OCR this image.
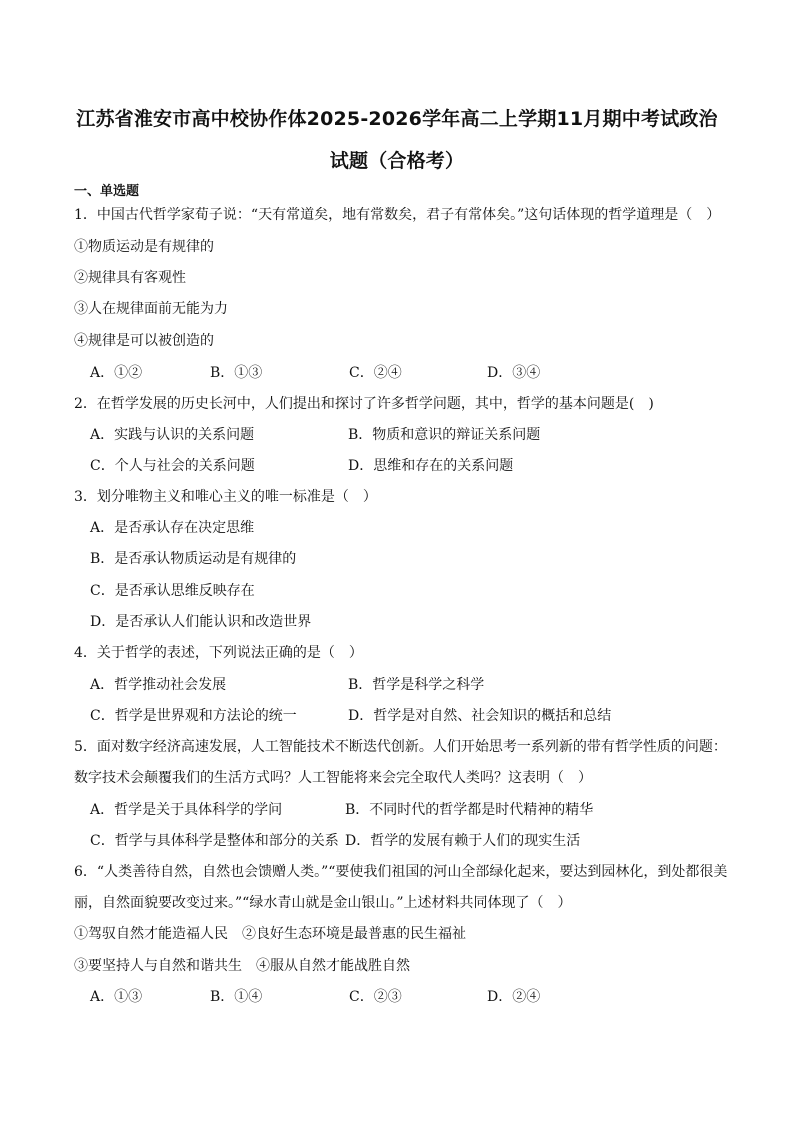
江苏省淮安市高中校协作体2025-2026学年高二上学期11月期中考试政治
试题（合格考）
一、单选题
1．中国古代哲学家荀子说：“天有常道矣，地有常数矣，君子有常体矣。”这句话体现的哲学道理是（　）
①物质运动是有规律的
②规律具有客观性
③人在规律面前无能为力
④规律是可以被创造的
A．①②	B．①③	C．②④	D．③④
2．在哲学发展的历史长河中，人们提出和探讨了许多哲学问题，其中，哲学的基本问题是(　)
A．实践与认识的关系问题	B．物质和意识的辩证关系问题
C．个人与社会的关系问题	D．思维和存在的关系问题
3．划分唯物主义和唯心主义的唯一标准是（　）
A．是否承认存在决定思维
B．是否承认物质运动是有规律的
C．是否承认思维反映存在
D．是否承认人们能认识和改造世界
4．关于哲学的表述，下列说法正确的是（　）
A．哲学推动社会发展	B．哲学是科学之科学
C．哲学是世界观和方法论的统一	D．哲学是对自然、社会知识的概括和总结
5．面对数字经济高速发展，人工智能技术不断迭代创新。人们开始思考一系列新的带有哲学性质的问题：
数字技术会颠覆我们的生活方式吗？人工智能将来会完全取代人类吗？这表明（　）
A．哲学是关于具体科学的学问	B．不同时代的哲学都是时代精神的精华
C．哲学与具体科学是整体和部分的关系 D．哲学的发展有赖于人们的现实生活
6．“人类善待自然，自然也会馈赠人类。”“要使我们祖国的河山全部绿化起来，要达到园林化，到处都很美
丽，自然面貌要改变过来。”“绿水青山就是金山银山。”上述材料共同体现了（　）
①驾驭自然才能造福人民　②良好生态环境是最普惠的民生福祉
③要坚持人与自然和谐共生　④服从自然才能战胜自然
A．①③	B．①④	C．②③	D．②④
